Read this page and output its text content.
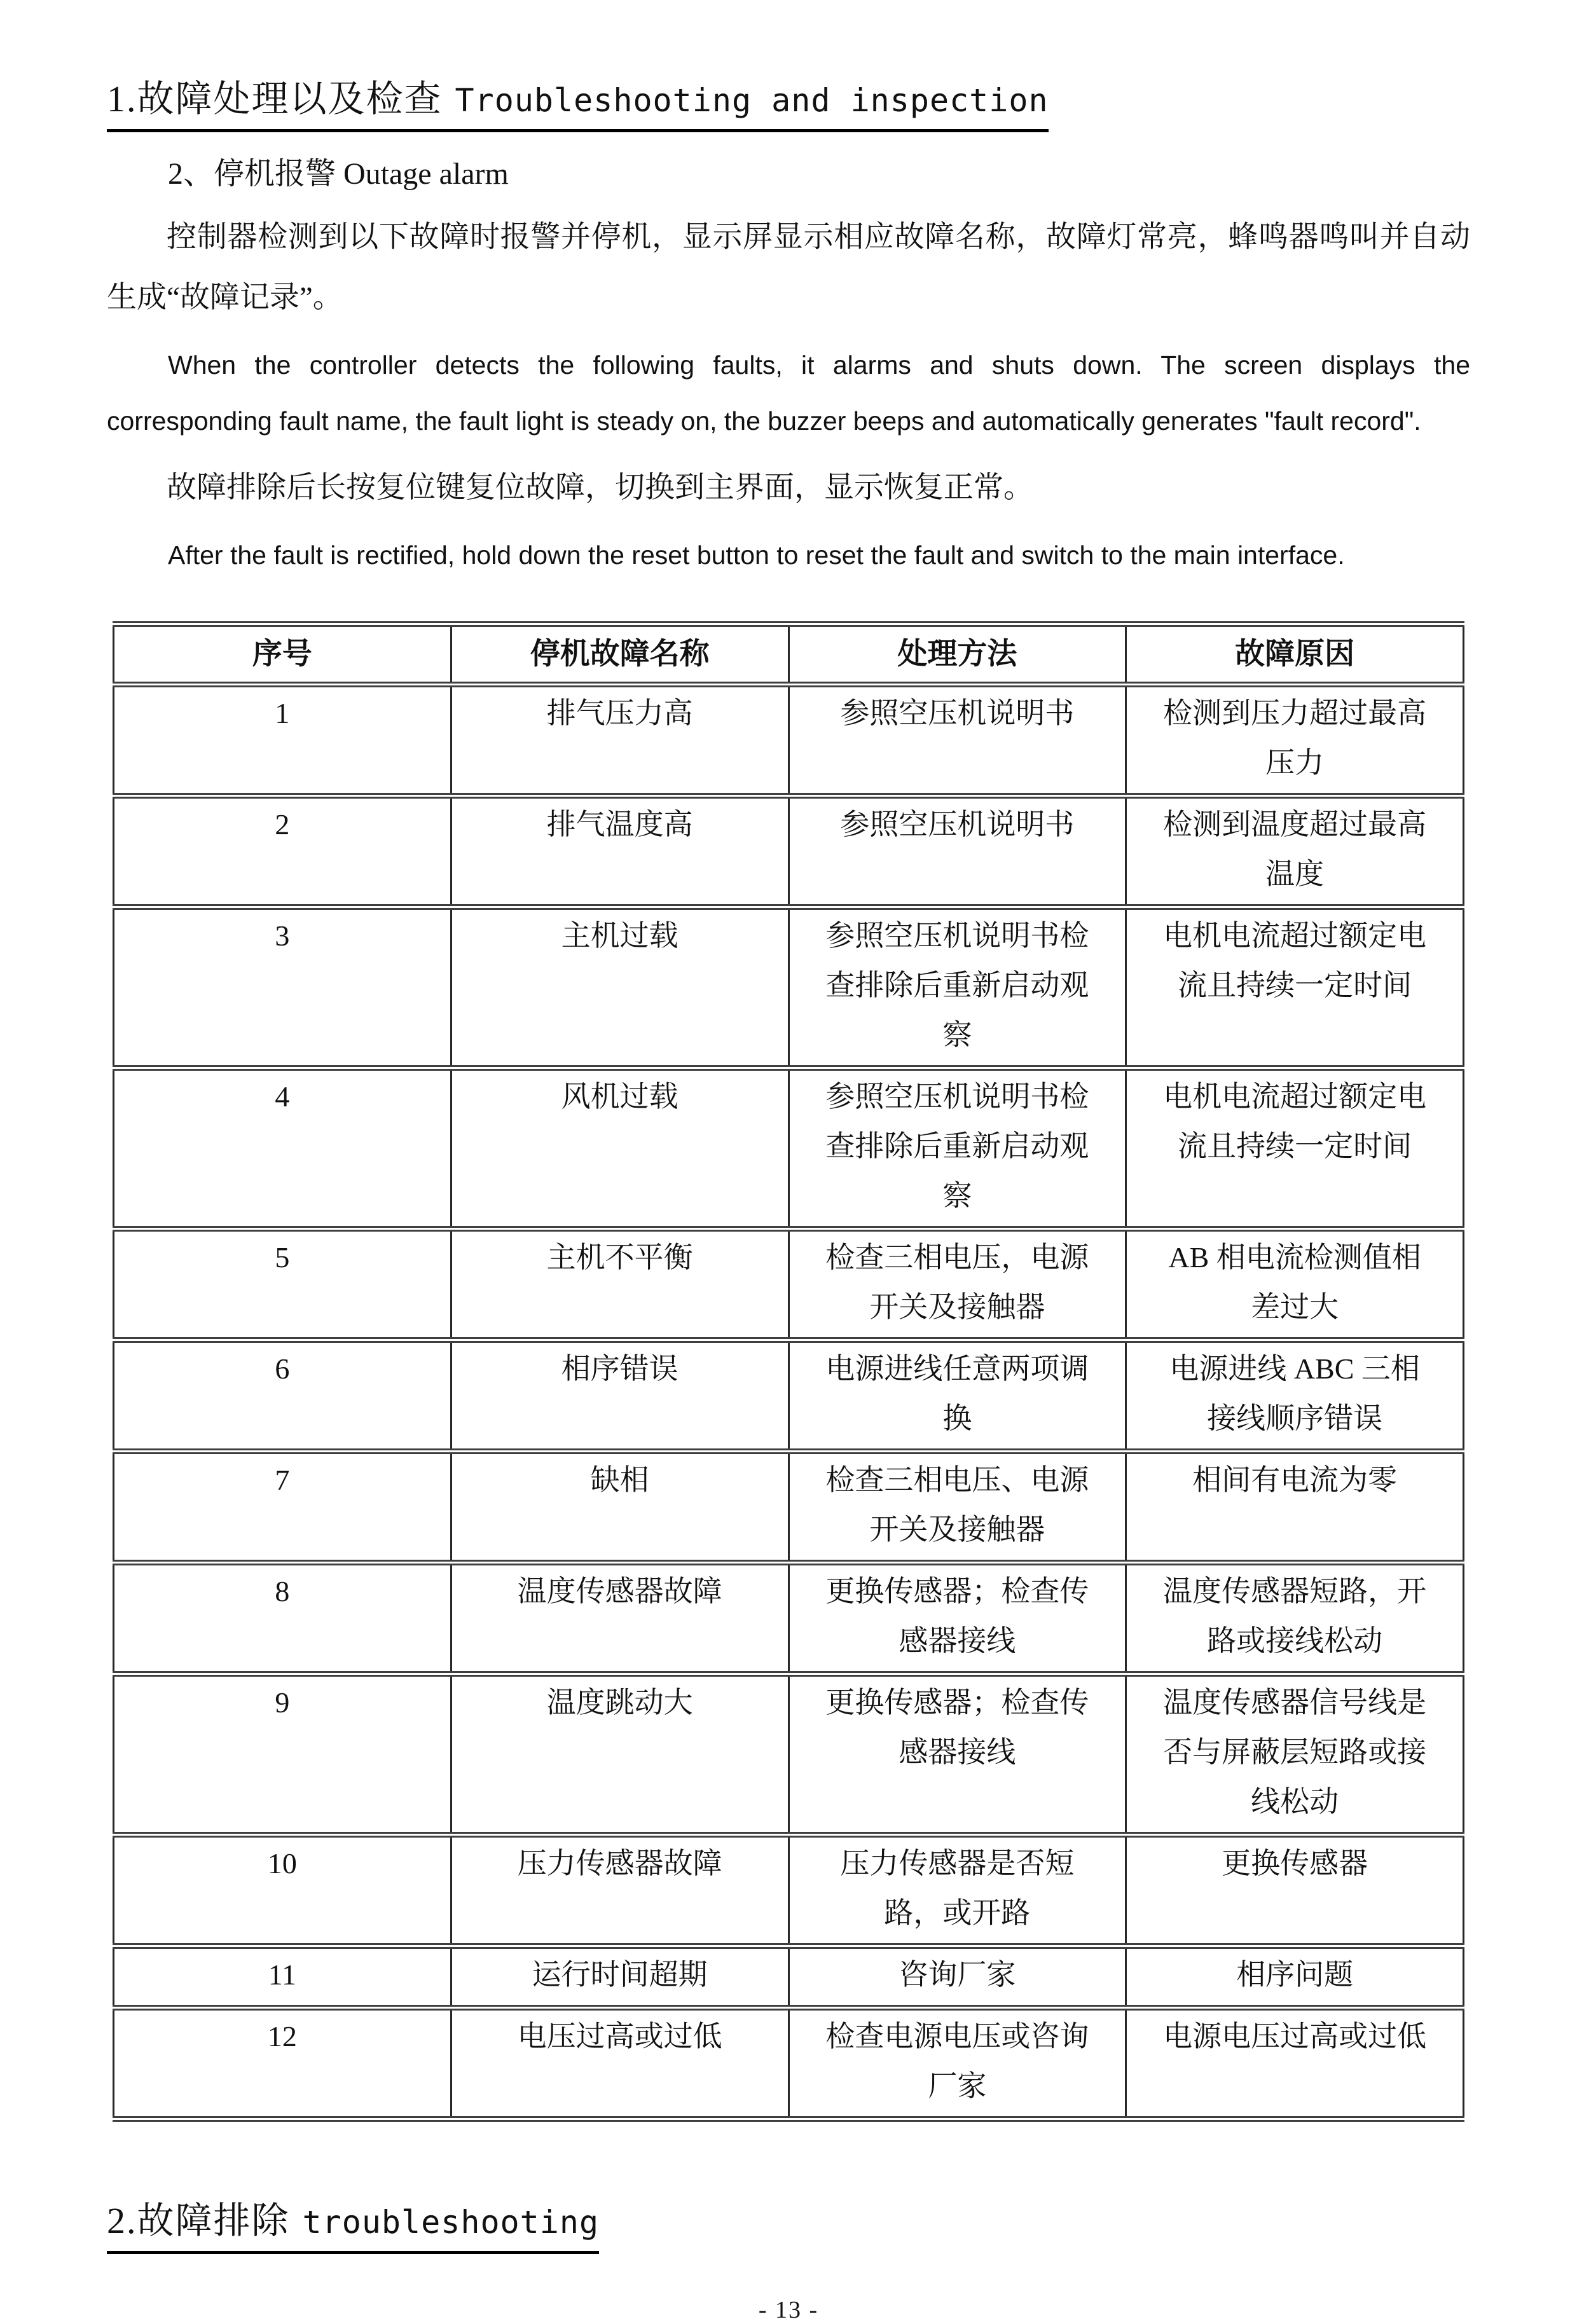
1.故障处理以及检查 Troubleshooting and inspection

2、停机报警 Outage alarm

控制器检测到以下故障时报警并停机，显示屏显示相应故障名称，故障灯常亮，蜂鸣器鸣叫并自动生成“故障记录”。

When the controller detects the following faults, it alarms and shuts down. The screen displays the corresponding fault name, the fault light is steady on, the buzzer beeps and automatically generates "fault record".

故障排除后长按复位键复位故障，切换到主界面，显示恢复正常。

After the fault is rectified, hold down the reset button to reset the fault and switch to the main interface.

序号	停机故障名称	处理方法	故障原因
1	排气压力高	参照空压机说明书	检测到压力超过最高压力
2	排气温度高	参照空压机说明书	检测到温度超过最高温度
3	主机过载	参照空压机说明书检查排除后重新启动观察	电机电流超过额定电流且持续一定时间
4	风机过载	参照空压机说明书检查排除后重新启动观察	电机电流超过额定电流且持续一定时间
5	主机不平衡	检查三相电压，电源开关及接触器	AB 相电流检测值相差过大
6	相序错误	电源进线任意两项调换	电源进线 ABC 三相接线顺序错误
7	缺相	检查三相电压、电源开关及接触器	相间有电流为零
8	温度传感器故障	更换传感器；检查传感器接线	温度传感器短路，开路或接线松动
9	温度跳动大	更换传感器；检查传感器接线	温度传感器信号线是否与屏蔽层短路或接线松动
10	压力传感器故障	压力传感器是否短路，或开路	更换传感器
11	运行时间超期	咨询厂家	相序问题
12	电压过高或过低	检查电源电压或咨询厂家	电源电压过高或过低
2.故障排除 troubleshooting
- 13 -
